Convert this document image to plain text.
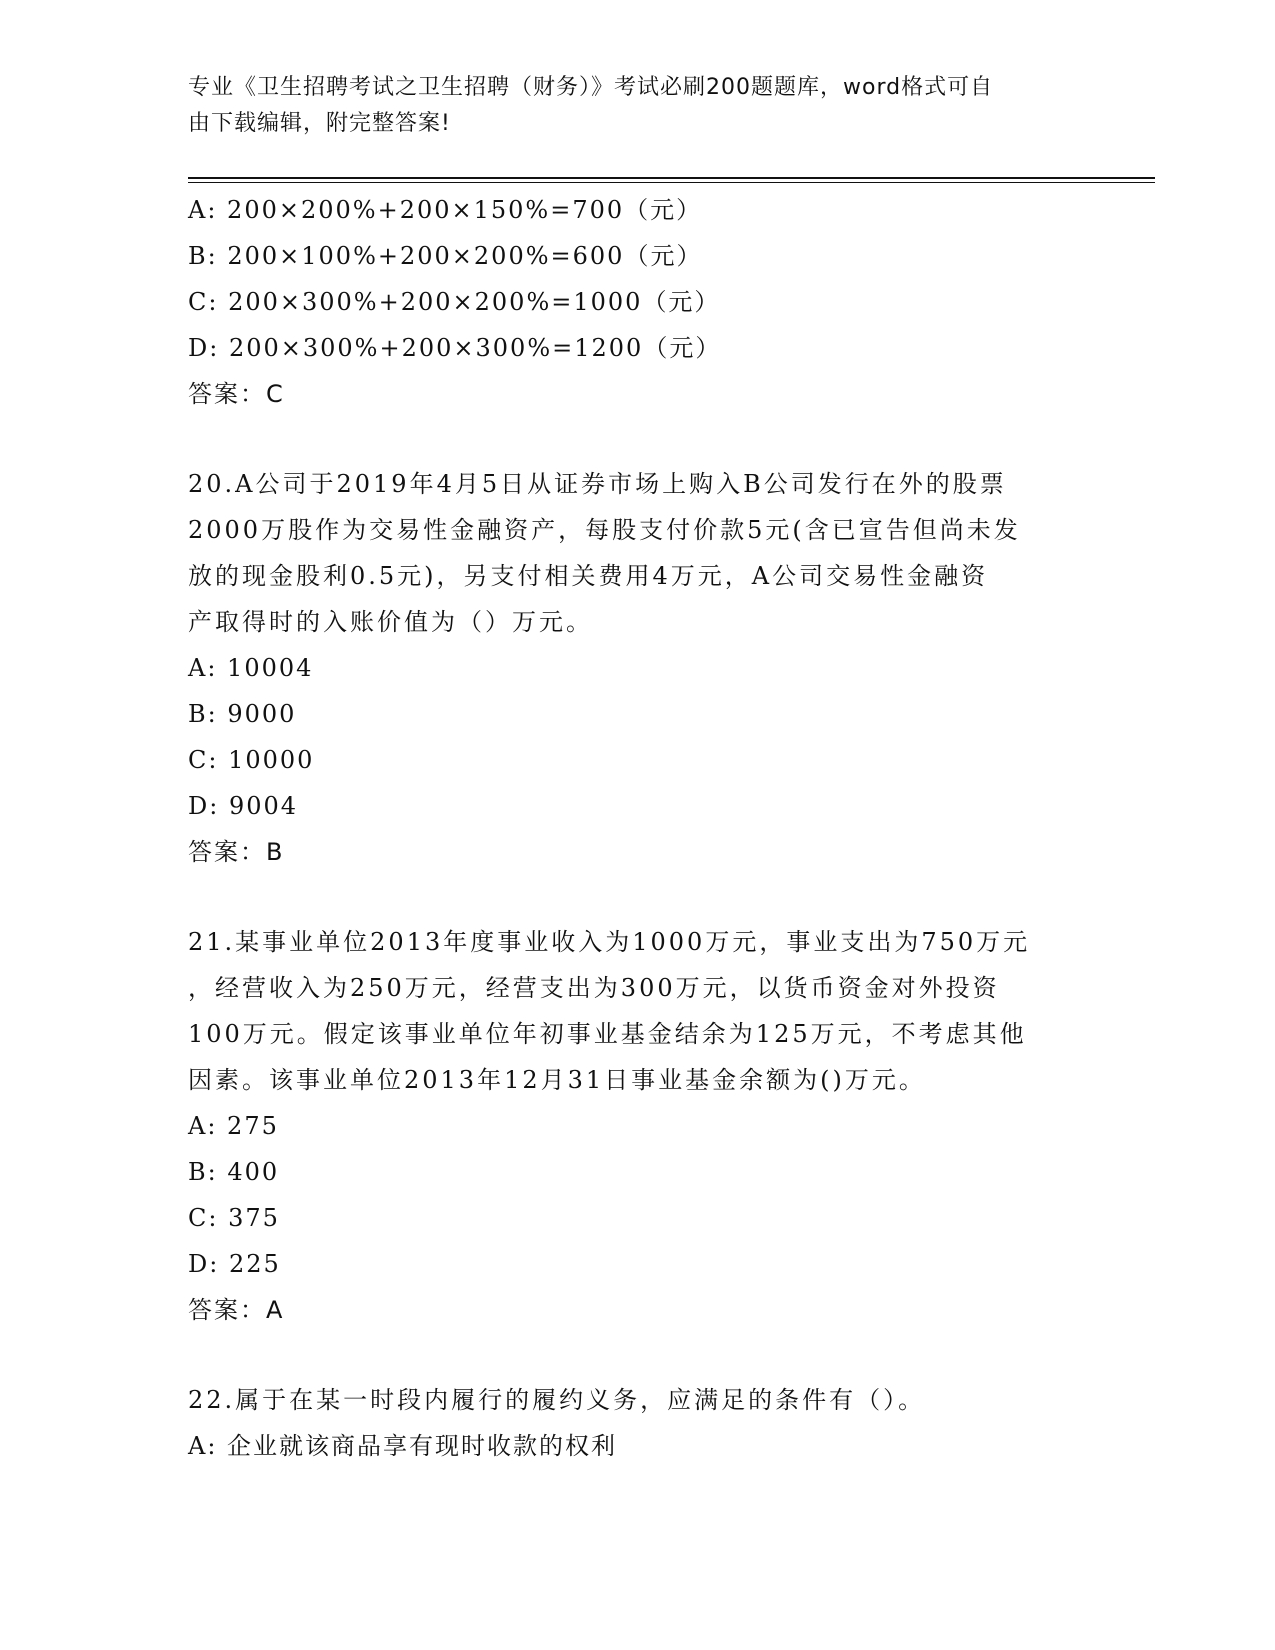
专业《卫生招聘考试之卫生招聘（财务）》考试必刷200题题库，word格式可自
由下载编辑，附完整答案!
A: 200×200%+200×150%=700（元）
B: 200×100%+200×200%=600（元）
C: 200×300%+200×200%=1000（元）
D: 200×300%+200×300%=1200（元）
答案：C
20.A公司于2019年4月5日从证券市场上购入B公司发行在外的股票
2000万股作为交易性金融资产，每股支付价款5元(含已宣告但尚未发
放的现金股利0.5元)，另支付相关费用4万元，A公司交易性金融资
产取得时的入账价值为（）万元。
A: 10004
B: 9000
C: 10000
D: 9004
答案：B
21.某事业单位2013年度事业收入为1000万元，事业支出为750万元
，经营收入为250万元，经营支出为300万元，以货币资金对外投资
100万元。假定该事业单位年初事业基金结余为125万元，不考虑其他
因素。该事业单位2013年12月31日事业基金余额为()万元。
A: 275
B: 400
C: 375
D: 225
答案：A
22.属于在某一时段内履行的履约义务，应满足的条件有（）。
A: 企业就该商品享有现时收款的权利
